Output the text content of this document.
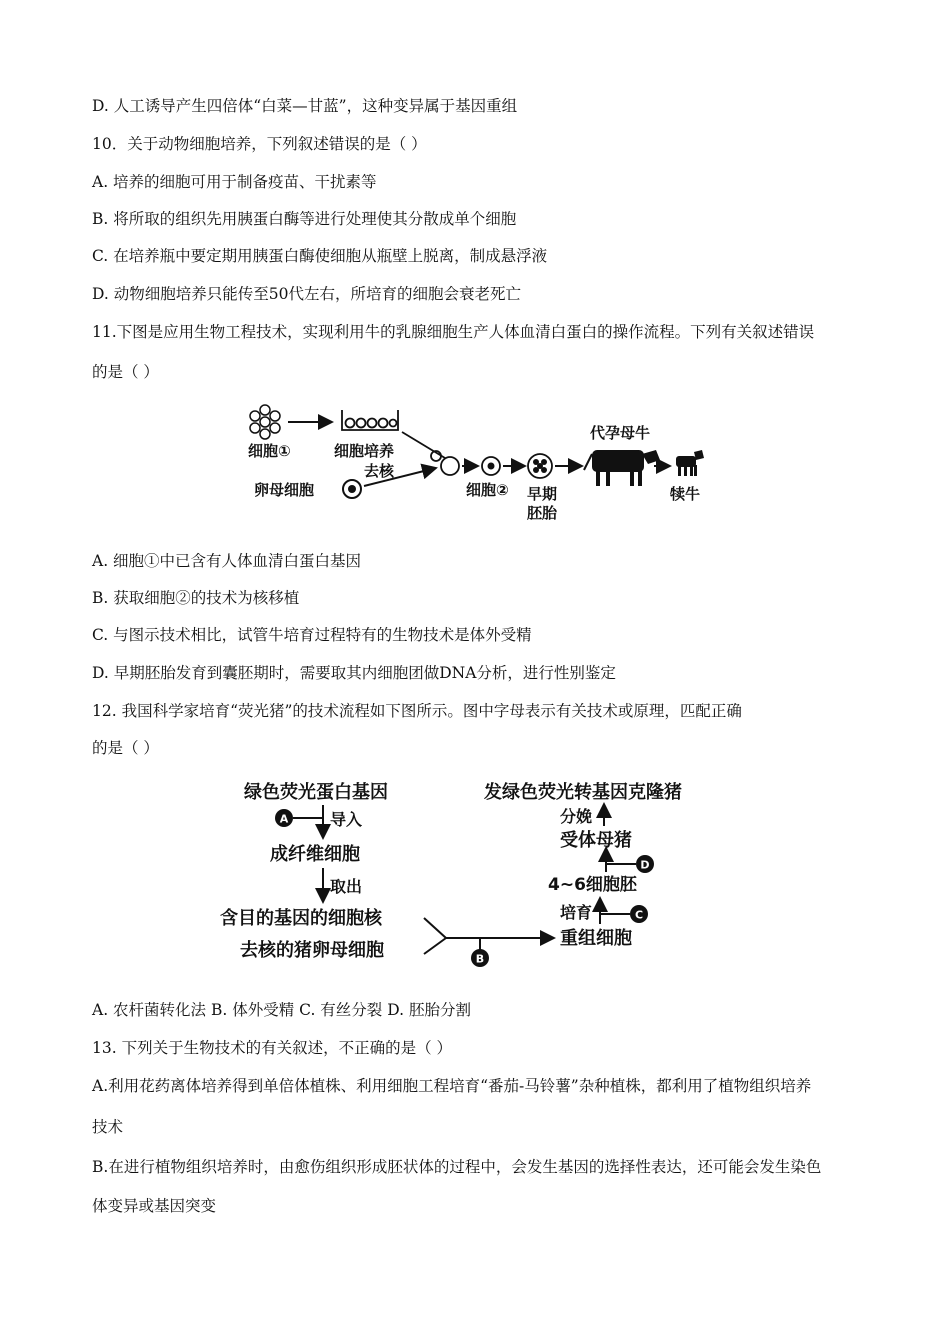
D. 人工诱导产生四倍体“白菜—甘蓝”，这种变异属于基因重组
10．关于动物细胞培养，下列叙述错误的是（ ）
A. 培养的细胞可用于制备疫苗、干扰素等
B. 将所取的组织先用胰蛋白酶等进行处理使其分散成单个细胞
C. 在培养瓶中要定期用胰蛋白酶使细胞从瓶壁上脱离，制成悬浮液
D. 动物细胞培养只能传至50代左右，所培育的细胞会衰老死亡
11.下图是应用生物工程技术，实现利用牛的乳腺细胞生产人体血清白蛋白的操作流程。下列有关叙述错误
的是（ ）
细胞①	细胞培养
卵母细胞
去核
细胞② 早期
胚胎
代孕母牛
犊牛
A. 细胞①中已含有人体血清白蛋白基因
B. 获取细胞②的技术为核移植
C. 与图示技术相比，试管牛培育过程特有的生物技术是体外受精
D. 早期胚胎发育到囊胚期时，需要取其内细胞团做DNA分析，进行性别鉴定
12. 我国科学家培育“荧光猪”的技术流程如下图所示。图中字母表示有关技术或原理，匹配正确
的是（ ）
绿色荧光蛋白基因
A	导入
成纤维细胞
取出
含目的基因的细胞核
去核的猪卵母细胞	B
重组细胞
培育	C
4~6细胞胚
D
受体母猪
分娩
发绿色荧光转基因克隆猪
A. 农杆菌转化法 B. 体外受精 C. 有丝分裂 D. 胚胎分割
13. 下列关于生物技术的有关叙述，不正确的是（ ）
A.利用花药离体培养得到单倍体植株、利用细胞工程培育“番茄-马铃薯”杂种植株，都利用了植物组织培养
技术
B.在进行植物组织培养时，由愈伤组织形成胚状体的过程中，会发生基因的选择性表达，还可能会发生染色
体变异或基因突变
